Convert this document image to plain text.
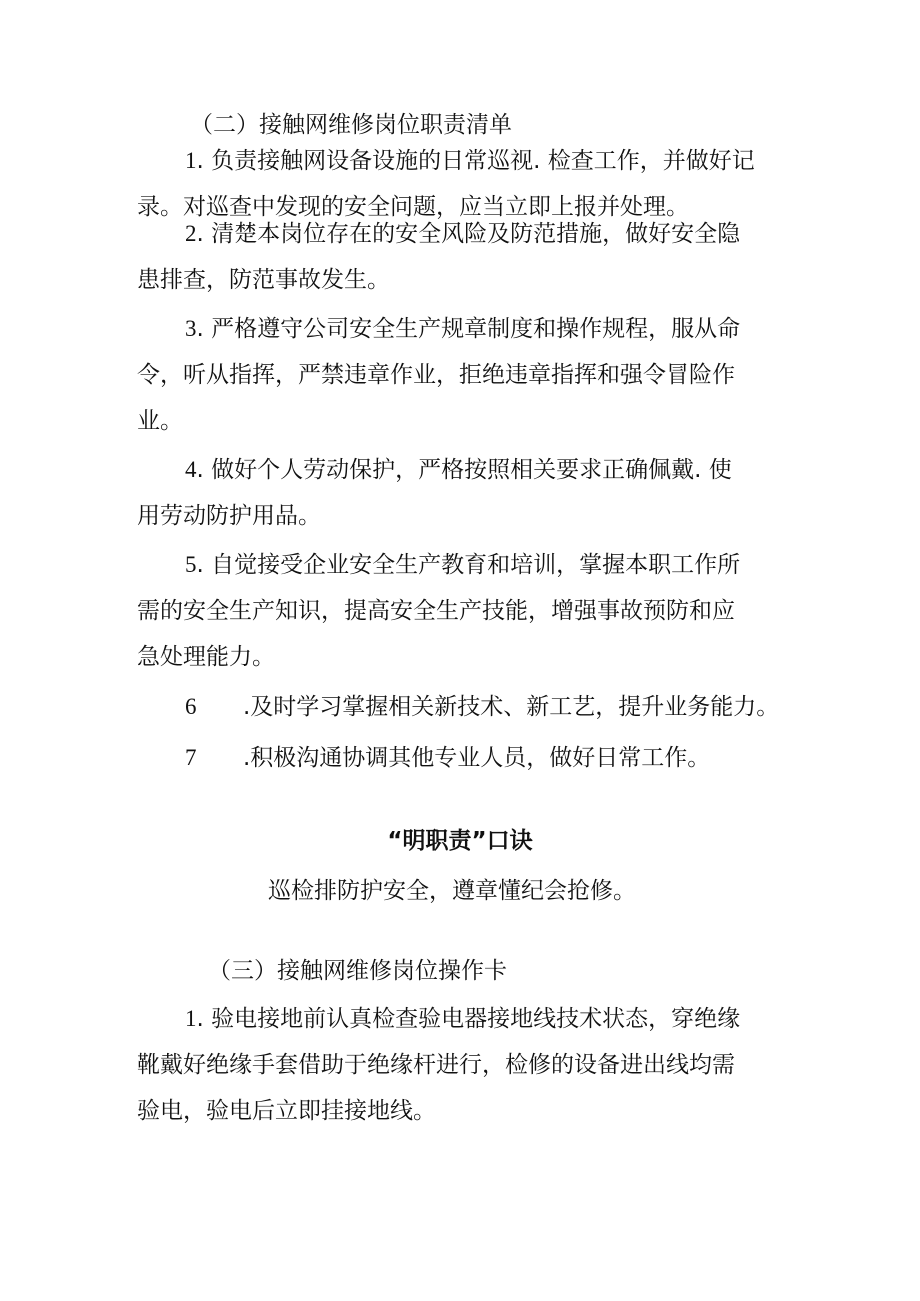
（二）接触网维修岗位职责清单

1. 负责接触网设备设施的日常巡视. 检查工作，并做好记
录。对巡查中发现的安全问题，应当立即上报并处理。

2. 清楚本岗位存在的安全风险及防范措施，做好安全隐
患排查，防范事故发生。

3. 严格遵守公司安全生产规章制度和操作规程，服从命
令，听从指挥，严禁违章作业，拒绝违章指挥和强令冒险作
业。

4. 做好个人劳动保护，严格按照相关要求正确佩戴. 使
用劳动防护用品。

5. 自觉接受企业安全生产教育和培训，掌握本职工作所
需的安全生产知识，提高安全生产技能，增强事故预防和应
急处理能力。

6 .及时学习掌握相关新技术、新工艺，提升业务能力。

7 .积极沟通协调其他专业人员，做好日常工作。

“明职责”口诀

巡检排防护安全，遵章懂纪会抢修。

（三）接触网维修岗位操作卡

1. 验电接地前认真检查验电器接地线技术状态，穿绝缘
靴戴好绝缘手套借助于绝缘杆进行，检修的设备进出线均需
验电，验电后立即挂接地线。
